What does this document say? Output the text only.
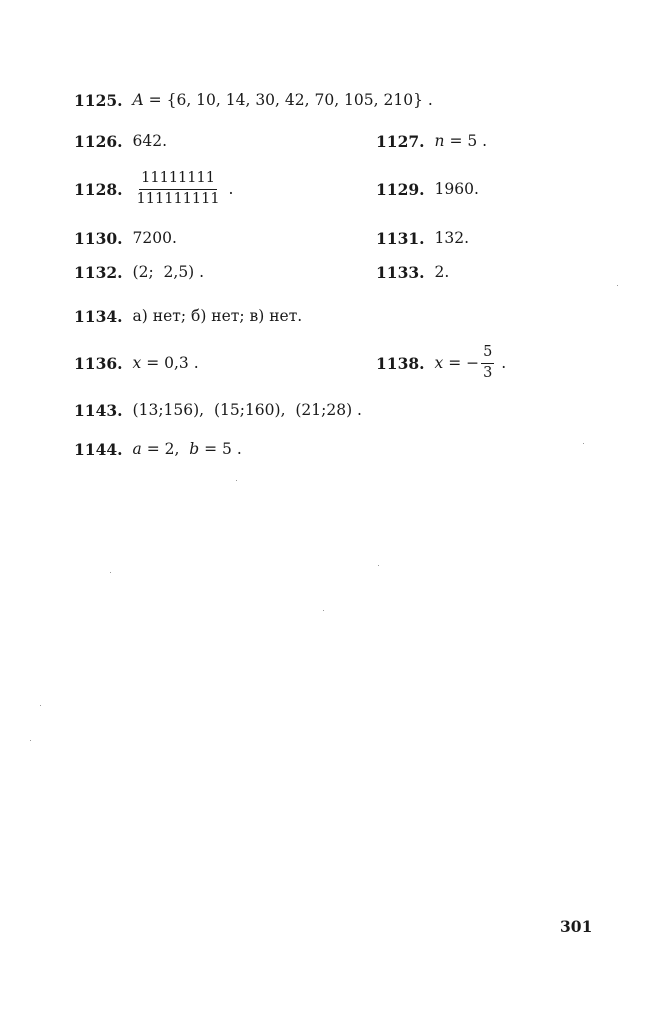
1125. A = {6, 10, 14, 30, 42, 70, 105, 210} .
1126. 642.	1127. n = 5 .
1128. $\frac{11111111}{111111111}$ .	1129. 1960.
1130. 7200.	1131. 132.
1132. (2;  2,5) .	1133. 2.
1134. а) нет; б) нет; в) нет.
1136. x = 0,3 .	1138. x = − $\frac{5}{3}$ .
1143. (13;156),  (15;160),  (21;28) .
1144. a = 2, b = 5 .
301
